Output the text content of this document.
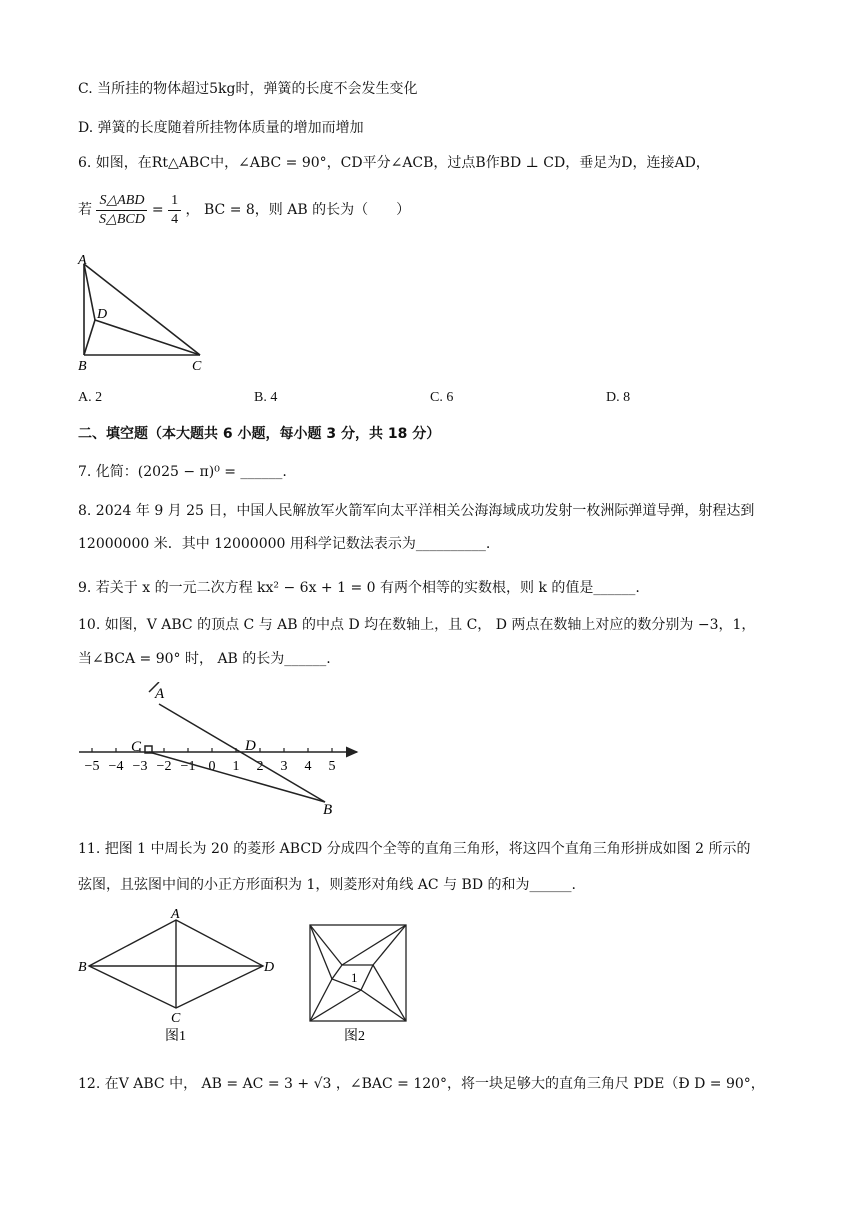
C. 当所挂的物体超过5kg时，弹簧的长度不会发生变化
D. 弹簧的长度随着所挂物体质量的增加而增加
6. 如图，在Rt△ABC中，∠ABC = 90°，CD平分∠ACB，过点B作BD ⊥ CD，垂足为D，连接AD，
若 $\frac{\text{S△ABD}}{\text{S△BCD}} = \frac{1}{4}$ ， BC = 8，则 AB 的长为（　　）
A
B	C
D
A. 2	B. 4	C. 6	D. 8
二、填空题（本大题共 6 小题，每小题 3 分，共 18 分）
7. 化简：(2025 − π)⁰ = ______.
8. 2024 年 9 月 25 日，中国人民解放军火箭军向太平洋相关公海海域成功发射一枚洲际弹道导弹，射程达到
12000000 米．其中 12000000 用科学记数法表示为__________.
9. 若关于 x 的一元二次方程 kx² − 6x + 1 = 0 有两个相等的实数根，则 k 的值是______.
10. 如图，V ABC 的顶点 C 与 AB 的中点 D 均在数轴上，且 C， D 两点在数轴上对应的数分别为 −3，1，
当∠BCA = 90° 时， AB 的长为______.
−5 −4 −3 −2 −1 0 1 2 3 4 5
A
C	D
B
11. 把图 1 中周长为 20 的菱形 ABCD 分成四个全等的直角三角形，将这四个直角三角形拼成如图 2 所示的
弦图，且弦图中间的小正方形面积为 1，则菱形对角线 AC 与 BD 的和为______.
A
B
C
D
图1
1
图2
12. 在V ABC 中， AB = AC = 3 + √3 ，∠BAC = 120°，将一块足够大的直角三角尺 PDE（Ð D = 90°，
